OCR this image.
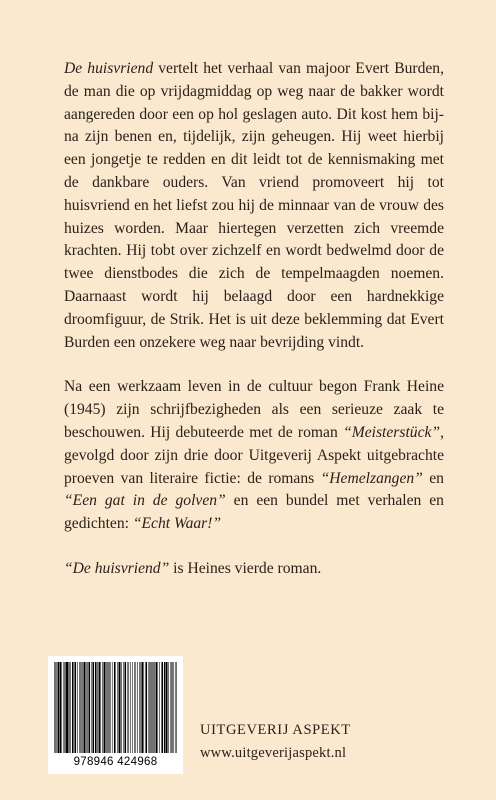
De huisvriend vertelt het verhaal van majoor Evert Burden, de man die op vrijdagmiddag op weg naar de bakker wordt aangereden door een op hol geslagen auto. Dit kost hem bijna zijn benen en, tijdelijk, zijn geheugen. Hij weet hierbij een jongetje te redden en dit leidt tot de kennismaking met de dankbare ouders. Van vriend promoveert hij tot huisvriend en het liefst zou hij de minnaar van de vrouw des huizes worden. Maar hiertegen verzetten zich vreemde krachten. Hij tobt over zichzelf en wordt bedwelmd door de twee dienstbodes die zich de tempelmaagden noemen. Daarnaast wordt hij belaagd door een hardnekkige droomfiguur, de Strik. Het is uit deze beklemming dat Evert Burden een onzekere weg naar bevrijding vindt.

Na een werkzaam leven in de cultuur begon Frank Heine (1945) zijn schrijfbezigheden als een serieuze zaak te beschouwen. Hij debuteerde met de roman “Meisterstück”, gevolgd door zijn drie door Uitgeverij Aspekt uitgebrachte proeven van literaire fictie: de romans “Hemelzangen” en “Een gat in de golven” en een bundel met verhalen en gedichten: “Echt Waar!”

“De huisvriend” is Heines vierde roman.

978946 424968
UITGEVERIJ ASPEKT
www.uitgeverijaspekt.nl
